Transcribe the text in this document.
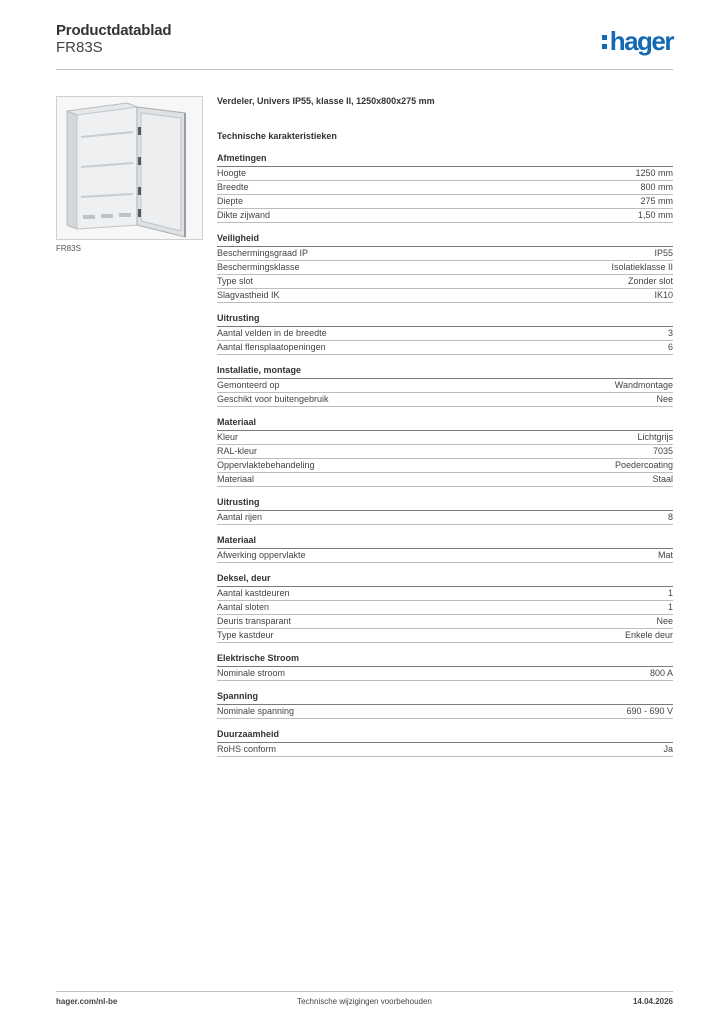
Productdatablad
FR83S	hager
FR83S
Verdeler, Univers IP55, klasse II, 1250x800x275 mm
Technische karakteristieken
Afmetingen
Hoogte	1250 mm
Breedte	800 mm
Diepte	275 mm
Dikte zijwand	1,50 mm
Veiligheid
Beschermingsgraad IP	IP55
Beschermingsklasse	Isolatieklasse II
Type slot	Zonder slot
Slagvastheid IK	IK10
Uitrusting
Aantal velden in de breedte	3
Aantal flensplaatopeningen	6
Installatie, montage
Gemonteerd op	Wandmontage
Geschikt voor buitengebruik	Nee
Materiaal
Kleur	Lichtgrijs
RAL-kleur	7035
Oppervlaktebehandeling	Poedercoating
Materiaal	Staal
Uitrusting
Aantal rijen	8
Materiaal
Afwerking oppervlakte	Mat
Deksel, deur
Aantal kastdeuren	1
Aantal sloten	1
Deuris transparant	Nee
Type kastdeur	Enkele deur
Elektrische Stroom
Nominale stroom	800 A
Spanning
Nominale spanning	690 - 690 V
Duurzaamheid
RoHS conform	Ja
hager.com/nl-be	Technische wijzigingen voorbehouden	14.04.2026
